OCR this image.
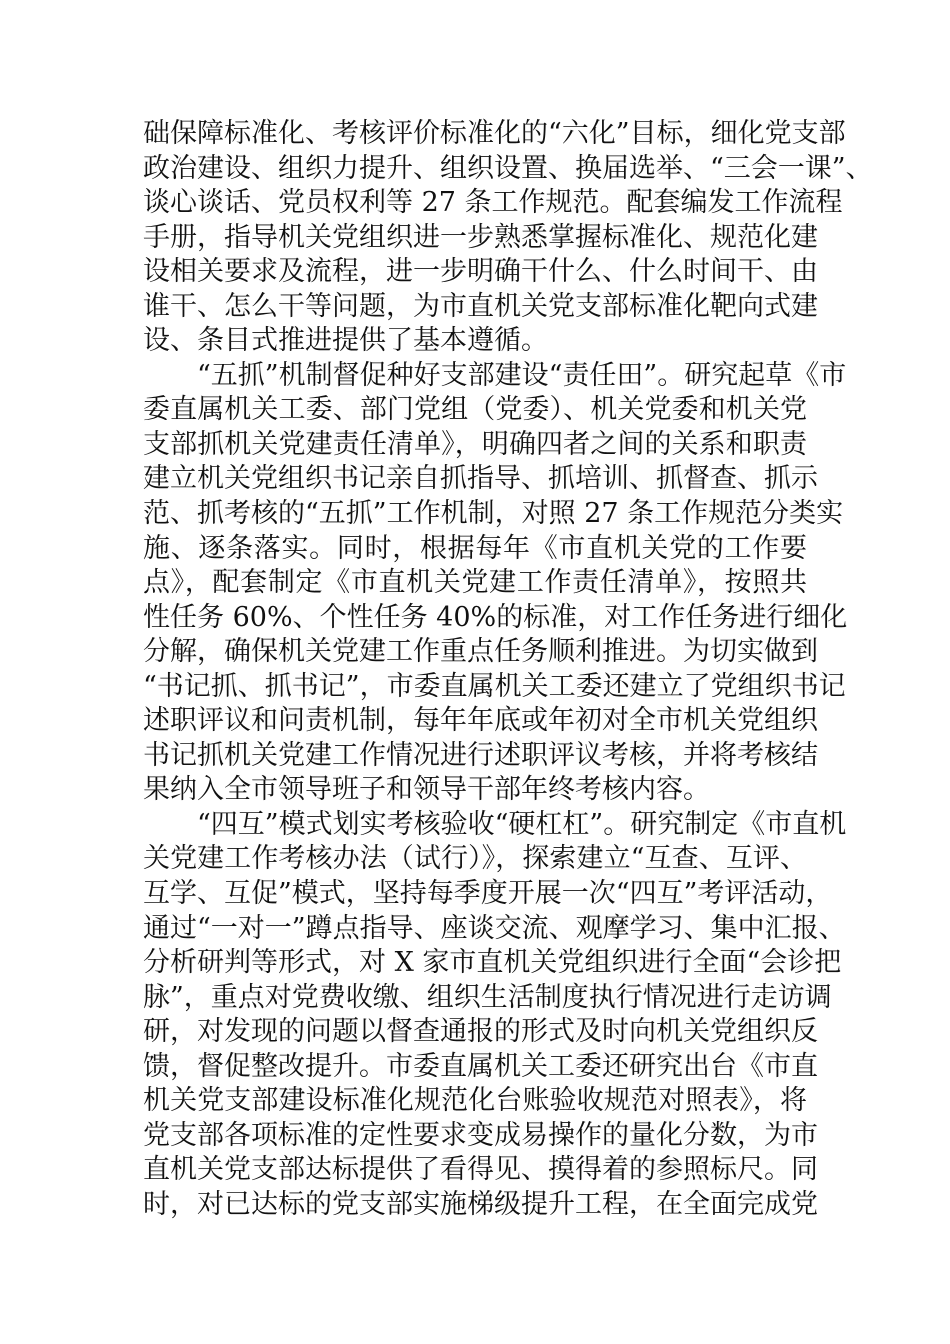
础保障标准化、考核评价标准化的“六化”目标，细化党支部
政治建设、组织力提升、组织设置、换届选举、“三会一课”、
谈心谈话、党员权利等 27 条工作规范。配套编发工作流程
手册，指导机关党组织进一步熟悉掌握标准化、规范化建
设相关要求及流程，进一步明确干什么、什么时间干、由
谁干、怎么干等问题，为市直机关党支部标准化靶向式建
设、条目式推进提供了基本遵循。
“五抓”机制督促种好支部建设“责任田”。研究起草《市
委直属机关工委、部门党组（党委）、机关党委和机关党
支部抓机关党建责任清单》，明确四者之间的关系和职责
建立机关党组织书记亲自抓指导、抓培训、抓督查、抓示
范、抓考核的“五抓”工作机制，对照 27 条工作规范分类实
施、逐条落实。同时，根据每年《市直机关党的工作要
点》，配套制定《市直机关党建工作责任清单》，按照共
性任务 60%、个性任务 40%的标准，对工作任务进行细化
分解，确保机关党建工作重点任务顺利推进。为切实做到
“书记抓、抓书记”，市委直属机关工委还建立了党组织书记
述职评议和问责机制，每年年底或年初对全市机关党组织
书记抓机关党建工作情况进行述职评议考核，并将考核结
果纳入全市领导班子和领导干部年终考核内容。
“四互”模式划实考核验收“硬杠杠”。研究制定《市直机
关党建工作考核办法（试行）》，探索建立“互查、互评、
互学、互促”模式，坚持每季度开展一次“四互”考评活动，
通过“一对一”蹲点指导、座谈交流、观摩学习、集中汇报、
分析研判等形式，对 X 家市直机关党组织进行全面“会诊把
脉”，重点对党费收缴、组织生活制度执行情况进行走访调
研，对发现的问题以督查通报的形式及时向机关党组织反
馈，督促整改提升。市委直属机关工委还研究出台《市直
机关党支部建设标准化规范化台账验收规范对照表》，将
党支部各项标准的定性要求变成易操作的量化分数，为市
直机关党支部达标提供了看得见、摸得着的参照标尺。同
时，对已达标的党支部实施梯级提升工程，在全面完成党
